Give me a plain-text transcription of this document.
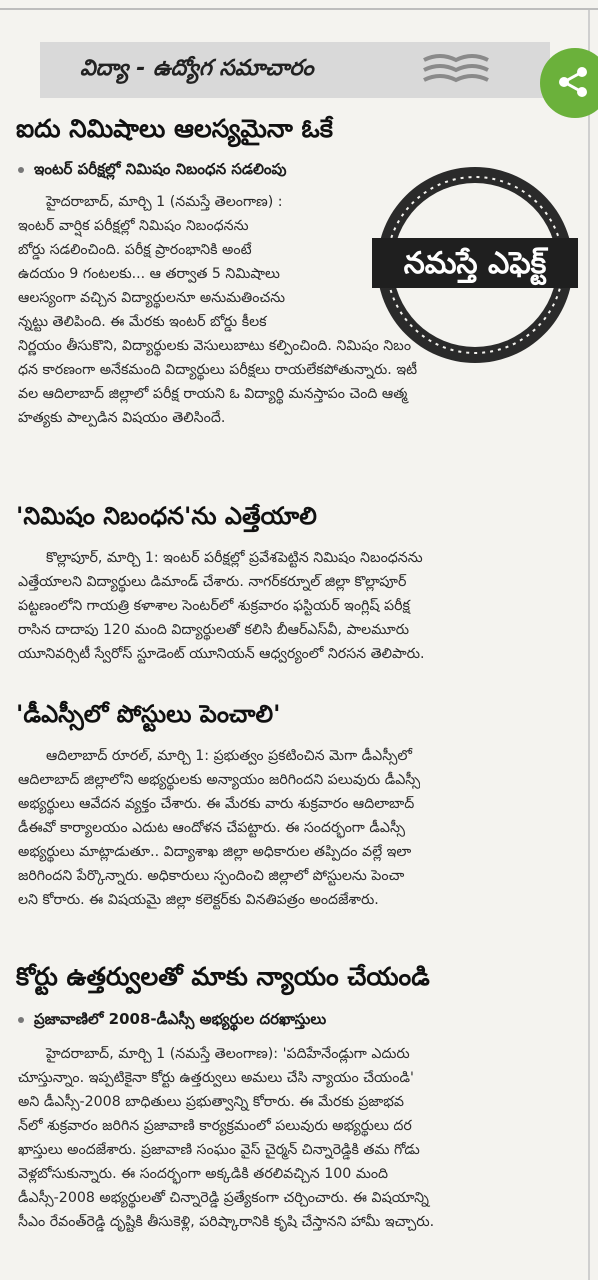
విద్యా - ఉద్యోగ సమాచారం
ఐదు నిమిషాలు ఆలస్యమైనా ఓకే
ఇంటర్ పరీక్షల్లో నిమిషం నిబంధన సడలింపు
నమస్తే ఎఫెక్ట్
హైదరాబాద్, మార్చి 1 (నమస్తే తెలంగాణ) :
ఇంటర్ వార్షిక పరీక్షల్లో నిమిషం నిబంధనను
బోర్డు సడలించింది. పరీక్ష ప్రారంభానికి అంటే
ఉదయం 9 గంటలకు... ఆ తర్వాత 5 నిమిషాలు
ఆలస్యంగా వచ్చిన విద్యార్థులనూ అనుమతించను
న్నట్టు తెలిపింది. ఈ మేరకు ఇంటర్ బోర్డు కీలక
నిర్ణయం తీసుకొని, విద్యార్థులకు వెసులుబాటు కల్పించింది. నిమిషం నిబం
ధన కారణంగా అనేకమంది విద్యార్థులు పరీక్షలు రాయలేకపోతున్నారు. ఇటీ
వల ఆదిలాబాద్ జిల్లాలో పరీక్ష రాయని ఓ విద్యార్థి మనస్తాపం చెంది ఆత్మ
హత్యకు పాల్పడిన విషయం తెలిసిందే.
'నిమిషం నిబంధన'ను ఎత్తేయాలి
కొల్లాపూర్, మార్చి 1: ఇంటర్ పరీక్షల్లో ప్రవేశపెట్టిన నిమిషం నిబంధనను
ఎత్తేయాలని విద్యార్థులు డిమాండ్ చేశారు. నాగర్‌కర్నూల్ జిల్లా కొల్లాపూర్
పట్టణంలోని గాయత్రి కళాశాల సెంటర్‌లో శుక్రవారం ఫస్టియర్ ఇంగ్లిష్ పరీక్ష
రాసిన దాదాపు 120 మంది విద్యార్థులతో కలిసి బీఆర్‌ఎస్‌వీ, పాలమూరు
యూనివర్సిటీ స్వేరోస్ స్టూడెంట్ యూనియన్ ఆధ్వర్యంలో నిరసన తెలిపారు.
'డీఎస్సీలో పోస్టులు పెంచాలి'
ఆదిలాబాద్ రూరల్, మార్చి 1: ప్రభుత్వం ప్రకటించిన మెగా డీఎస్సీలో
ఆదిలాబాద్ జిల్లాలోని అభ్యర్థులకు అన్యాయం జరిగిందని పలువురు డీఎస్సీ
అభ్యర్థులు ఆవేదన వ్యక్తం చేశారు. ఈ మేరకు వారు శుక్రవారం ఆదిలాబాద్
డీఈవో కార్యాలయం ఎదుట ఆందోళన చేపట్టారు. ఈ సందర్భంగా డీఎస్సీ
అభ్యర్థులు మాట్లాడుతూ.. విద్యాశాఖ జిల్లా అధికారుల తప్పిదం వల్లే ఇలా
జరిగిందని పేర్కొన్నారు. అధికారులు స్పందించి జిల్లాలో పోస్టులను పెంచా
లని కోరారు. ఈ విషయమై జిల్లా కలెక్టర్‌కు వినతిపత్రం అందజేశారు.
కోర్టు ఉత్తర్వులతో మాకు న్యాయం చేయండి
ప్రజావాణిలో 2008-డీఎస్సీ అభ్యర్థుల దరఖాస్తులు
హైదరాబాద్, మార్చి 1 (నమస్తే తెలంగాణ): 'పదిహేనేండ్లుగా ఎదురు
చూస్తున్నాం. ఇప్పటికైనా కోర్టు ఉత్తర్వులు అమలు చేసి న్యాయం చేయండి'
అని డీఎస్సీ-2008 బాధితులు ప్రభుత్వాన్ని కోరారు. ఈ మేరకు ప్రజాభవ
న్‌లో శుక్రవారం జరిగిన ప్రజావాణి కార్యక్రమంలో పలువురు అభ్యర్థులు దర
ఖాస్తులు అందజేశారు. ప్రజావాణి సంఘం వైస్ చైర్మన్ చిన్నారెడ్డికి తమ గోడు
వెళ్లబోసుకున్నారు. ఈ సందర్భంగా అక్కడికి తరలివచ్చిన 100 మంది
డీఎస్సీ-2008 అభ్యర్థులతో చిన్నారెడ్డి ప్రత్యేకంగా చర్చించారు. ఈ విషయాన్ని
సీఎం రేవంత్‌రెడ్డి దృష్టికి తీసుకెళ్లి, పరిష్కారానికి కృషి చేస్తానని హామీ ఇచ్చారు.
